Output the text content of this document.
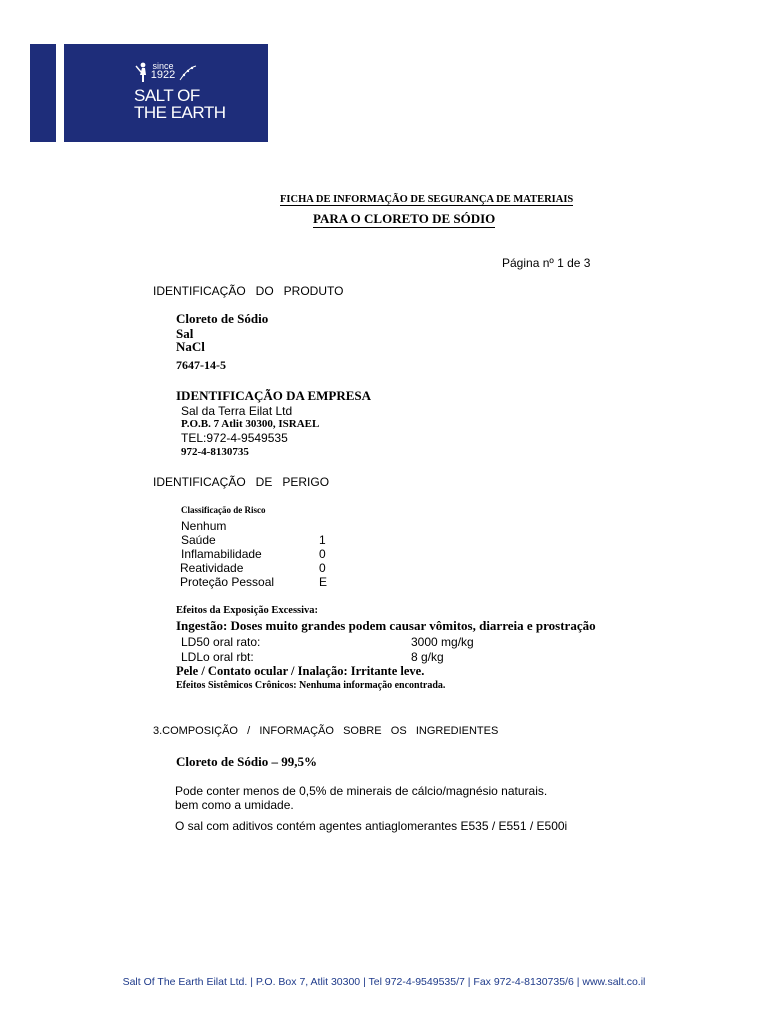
since
1922
SALT OF
THE EARTH
FICHA DE INFORMAÇÃO DE SEGURANÇA DE MATERIAIS
PARA O CLORETO DE SÓDIO
Página nº 1 de 3
IDENTIFICAÇÃO   DO   PRODUTO
Cloreto de Sódio
Sal
NaCl
7647-14-5
IDENTIFICAÇÃO DA EMPRESA
Sal da Terra Eilat Ltd
P.O.B. 7 Atlit 30300, ISRAEL
TEL:972-4-9549535
972-4-8130735
IDENTIFICAÇÃO   DE   PERIGO
Classificação de Risco
Nenhum
Saúde	1
Inflamabilidade	0
Reatividade	0
Proteção Pessoal	E
Efeitos da Exposição Excessiva:
Ingestão: Doses muito grandes podem causar vômitos, diarreia e prostração
LD50 oral rato:	3000 mg/kg
LDLo oral rbt:	8 g/kg
Pele / Contato ocular / Inalação: Irritante leve.
Efeitos Sistêmicos Crônicos: Nenhuma informação encontrada.
3.COMPOSIÇÃO   /   INFORMAÇÃO   SOBRE   OS   INGREDIENTES
Cloreto de Sódio – 99,5%
Pode conter menos de 0,5% de minerais de cálcio/magnésio naturais.
bem como a umidade.
O sal com aditivos contém agentes antiaglomerantes E535 / E551 / E500i
Salt Of The Earth Eilat Ltd. | P.O. Box 7, Atlit 30300 | Tel 972-4-9549535/7 | Fax 972-4-8130735/6 | www.salt.co.il
